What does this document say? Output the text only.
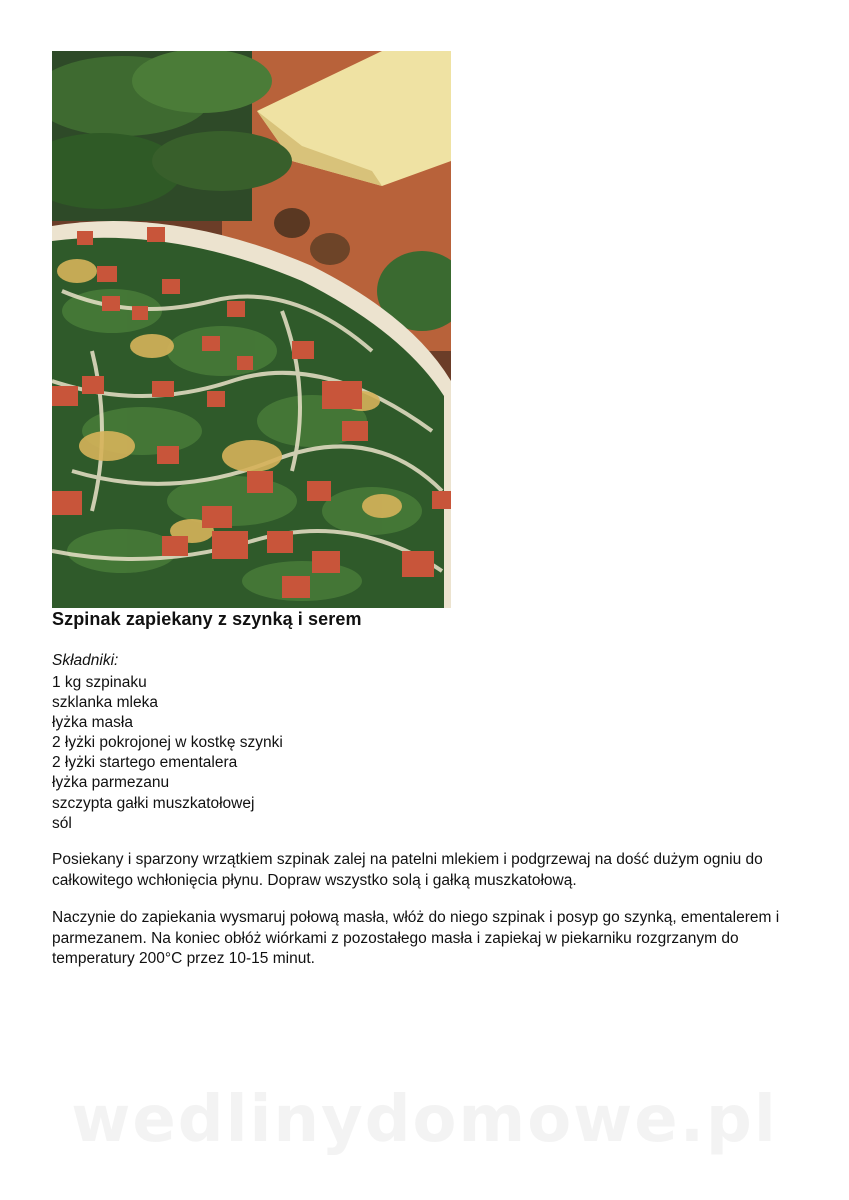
Szpinak zapiekany z szynką i serem
Składniki:
1 kg szpinaku
szklanka mleka
łyżka masła
2 łyżki pokrojonej w kostkę szynki
2 łyżki startego ementalera
łyżka parmezanu
szczypta gałki muszkatołowej
sól

Posiekany i sparzony wrzątkiem szpinak zalej na patelni mlekiem i podgrzewaj na dość dużym ogniu do całkowitego wchłonięcia płynu. Dopraw wszystko solą i gałką muszkatołową.

Naczynie do zapiekania wysmaruj połową masła, włóż do niego szpinak i posyp go szynką, ementalerem i parmezanem. Na koniec obłóż wiórkami z pozostałego masła i zapiekaj w piekarniku rozgrzanym do temperatury 200°C przez 10-15 minut.

wedlinydomowe.pl
